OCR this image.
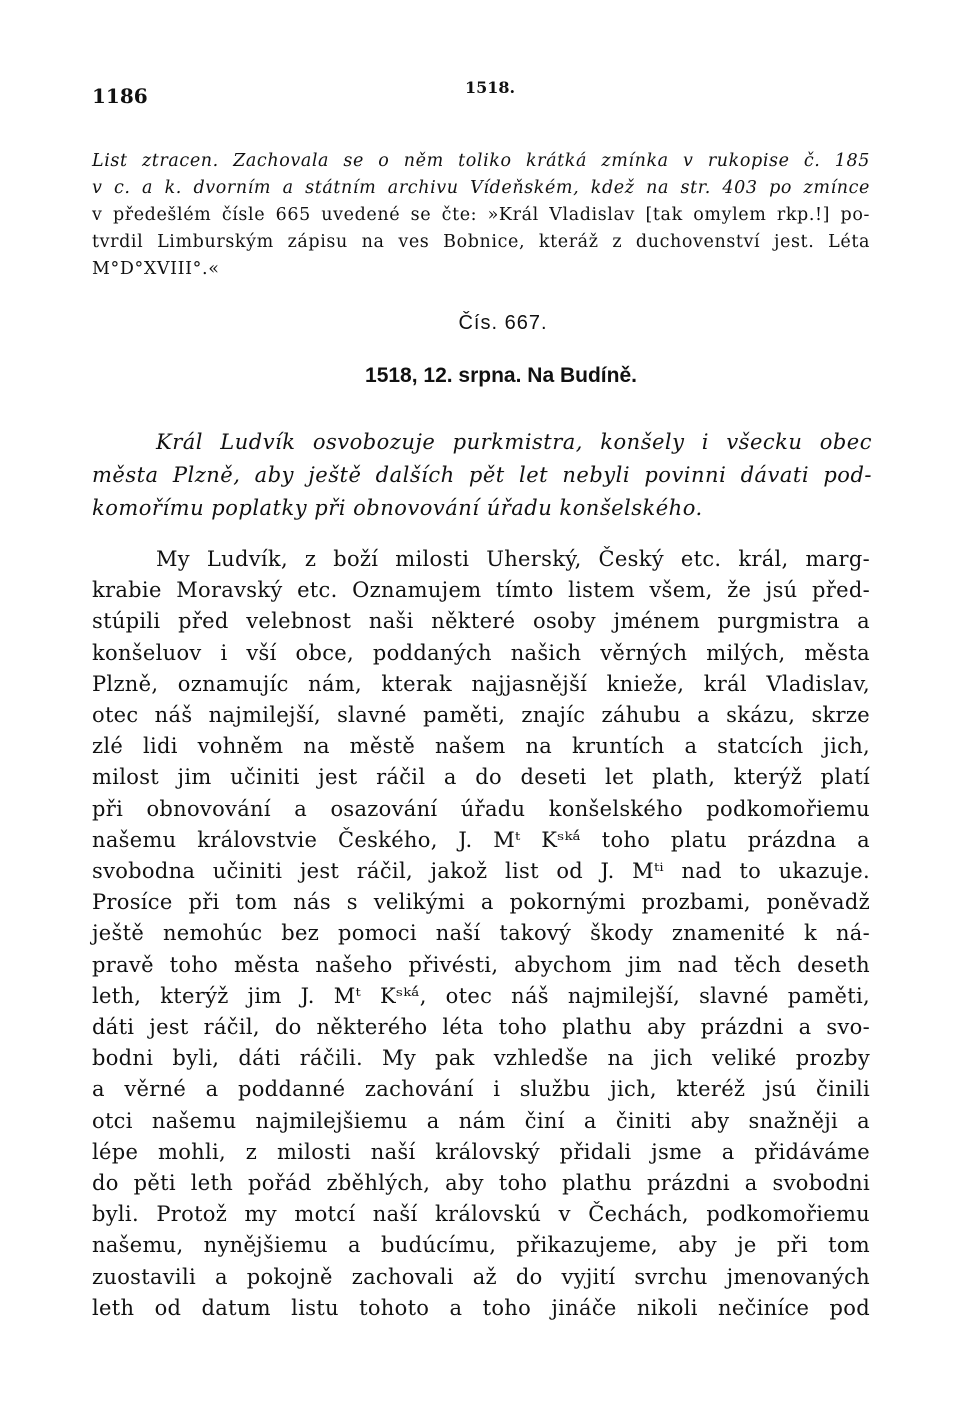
1186	1518.
List ztracen. Zachovala se o něm toliko krátká zmínka v rukopise č. 185
v c. a k. dvorním a státním archivu Vídeňském, kdež na str. 403 po zmínce
v předešlém čísle 665 uvedené se čte: »Král Vladislav [tak omylem rkp.!] po-
tvrdil Limburským zápisu na ves Bobnice, kteráž z duchovenství jest. Léta
M°D°XVIII°.«
Čís. 667.
1518, 12. srpna. Na Budíně.
Král Ludvík osvobozuje purkmistra, konšely i všecku obec
města Plzně, aby ještě dalších pět let nebyli povinni dávati pod-
komořímu poplatky při obnovování úřadu konšelského.
My Ludvík, z boží milosti Uherský, Český etc. král, marg-
krabie Moravský etc. Oznamujem tímto listem všem, že jsú před-
stúpili před velebnost naši některé osoby jménem purgmistra a
konšeluov i vší obce, poddaných našich věrných milých, města
Plzně, oznamujíc nám, kterak najjasnější knieže, král Vladislav,
otec náš najmilejší, slavné paměti, znajíc záhubu a skázu, skrze
zlé lidi vohněm na městě našem na kruntích a statcích jich,
milost jim učiniti jest ráčil a do deseti let plath, kterýž platí
při obnovování a osazování úřadu konšelského podkomořiemu
našemu královstvie Českého, J. Mᵗ Kˢᵏᵃ́ toho platu prázdna a
svobodna učiniti jest ráčil, jakož list od J. Mᵗⁱ nad to ukazuje.
Prosíce při tom nás s velikými a pokornými prozbami, poněvadž
ještě nemohúc bez pomoci naší takový škody znamenité k ná-
pravě toho města našeho přivésti, abychom jim nad těch deseth
leth, kterýž jim J. Mᵗ Kˢᵏᵃ́, otec náš najmilejší, slavné paměti,
dáti jest ráčil, do některého léta toho plathu aby prázdni a svo-
bodni byli, dáti ráčili. My pak vzhledše na jich veliké prozby
a věrné a poddanné zachování i službu jich, kteréž jsú činili
otci našemu najmilejšiemu a nám činí a činiti aby snažněji a
lépe mohli, z milosti naší královský přidali jsme a přidáváme
do pěti leth pořád zběhlých, aby toho plathu prázdni a svobodni
byli. Protož my motcí naší královskú v Čechách, podkomořiemu
našemu, nynějšiemu a budúcímu, přikazujeme, aby je při tom
zuostavili a pokojně zachovali až do vyjití svrchu jmenovaných
leth od datum listu tohoto a toho jináče nikoli nečiníce pod
